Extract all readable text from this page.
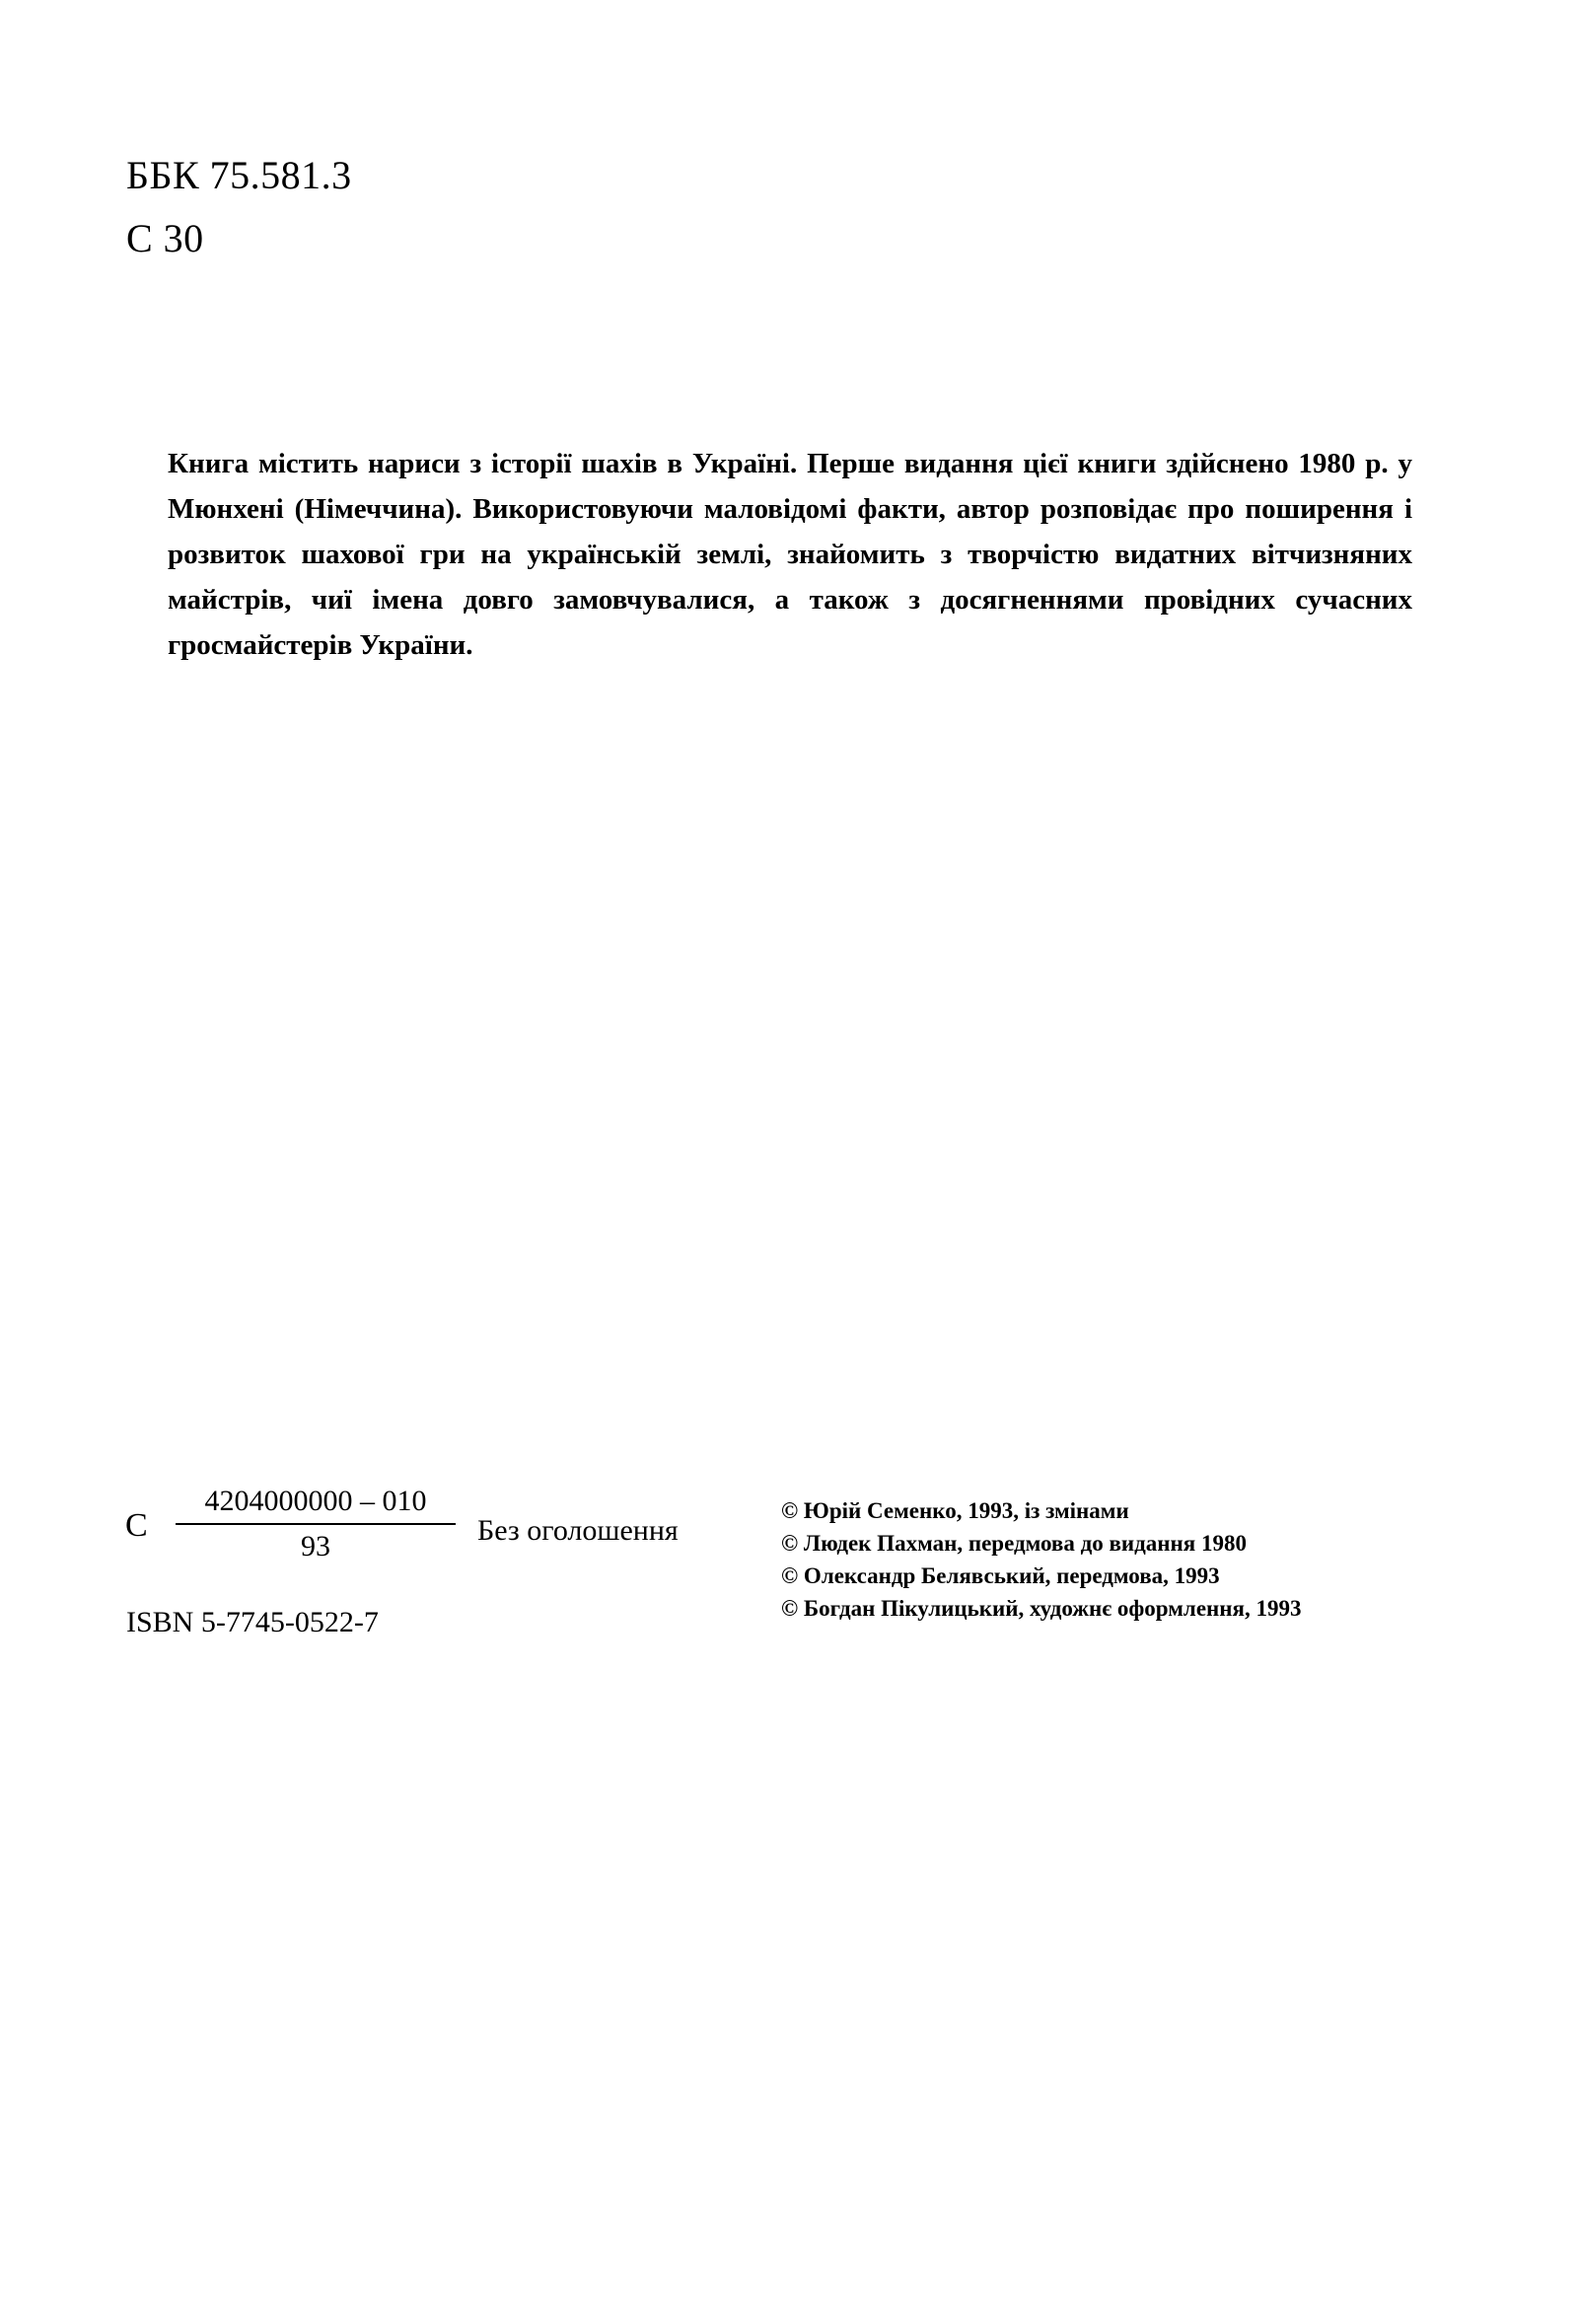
ББК 75.581.3
С 30

Книга містить нариси з історії шахів в Україні. Перше видання цієї книги здійснено 1980 р. у Мюнхені (Німеччина). Використовуючи маловідомі факти, автор розповідає про поширення і розвиток шахової гри на українській землі, знайомить з творчістю видатних вітчизняних майстрів, чиї імена довго замовчувалися, а також з досягненнями провідних сучасних гросмайстерів України.

С $\frac{4204000000 - 010}{93}$ Без оголошення
ISBN 5-7745-0522-7
© Юрій Семенко, 1993, із змінами
© Людек Пахман, передмова до видання 1980
© Олександр Белявський, передмова, 1993
© Богдан Пікулицький, художнє оформлення, 1993
